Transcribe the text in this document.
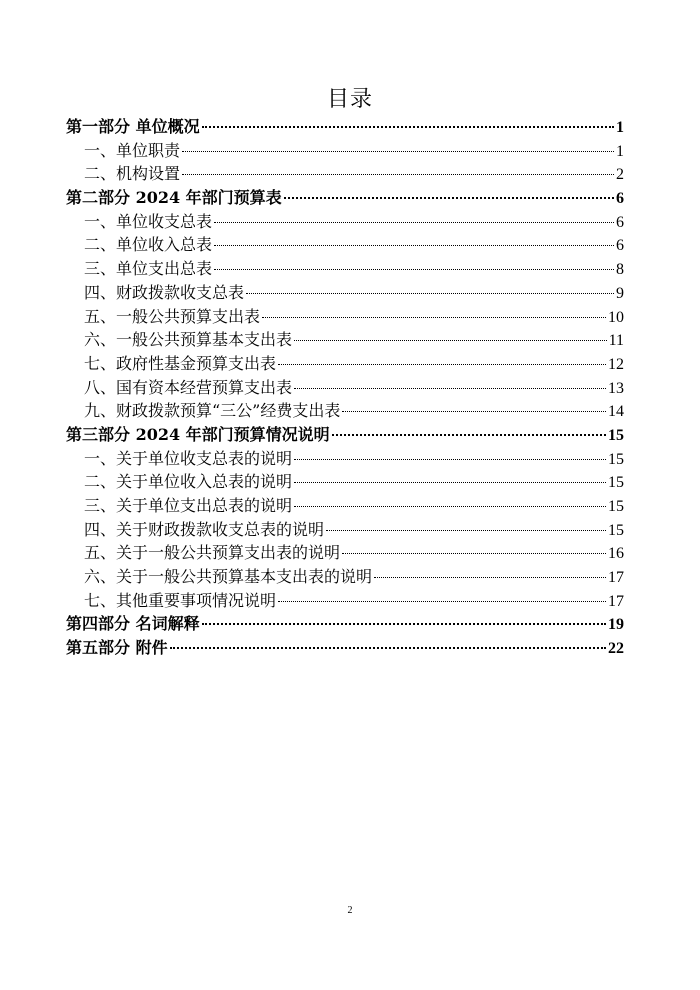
目录
第一部分 单位概况	1
一、单位职责	1
二、机构设置	2
第二部分 2024 年部门预算表	6
一、单位收支总表	6
二、单位收入总表	6
三、单位支出总表	8
四、财政拨款收支总表	9
五、一般公共预算支出表	10
六、一般公共预算基本支出表	11
七、政府性基金预算支出表	12
八、国有资本经营预算支出表	13
九、财政拨款预算“三公”经费支出表	14
第三部分 2024 年部门预算情况说明	15
一、关于单位收支总表的说明	15
二、关于单位收入总表的说明	15
三、关于单位支出总表的说明	15
四、关于财政拨款收支总表的说明	15
五、关于一般公共预算支出表的说明	16
六、关于一般公共预算基本支出表的说明	17
七、其他重要事项情况说明	17
第四部分 名词解释	19
第五部分 附件	22
2
